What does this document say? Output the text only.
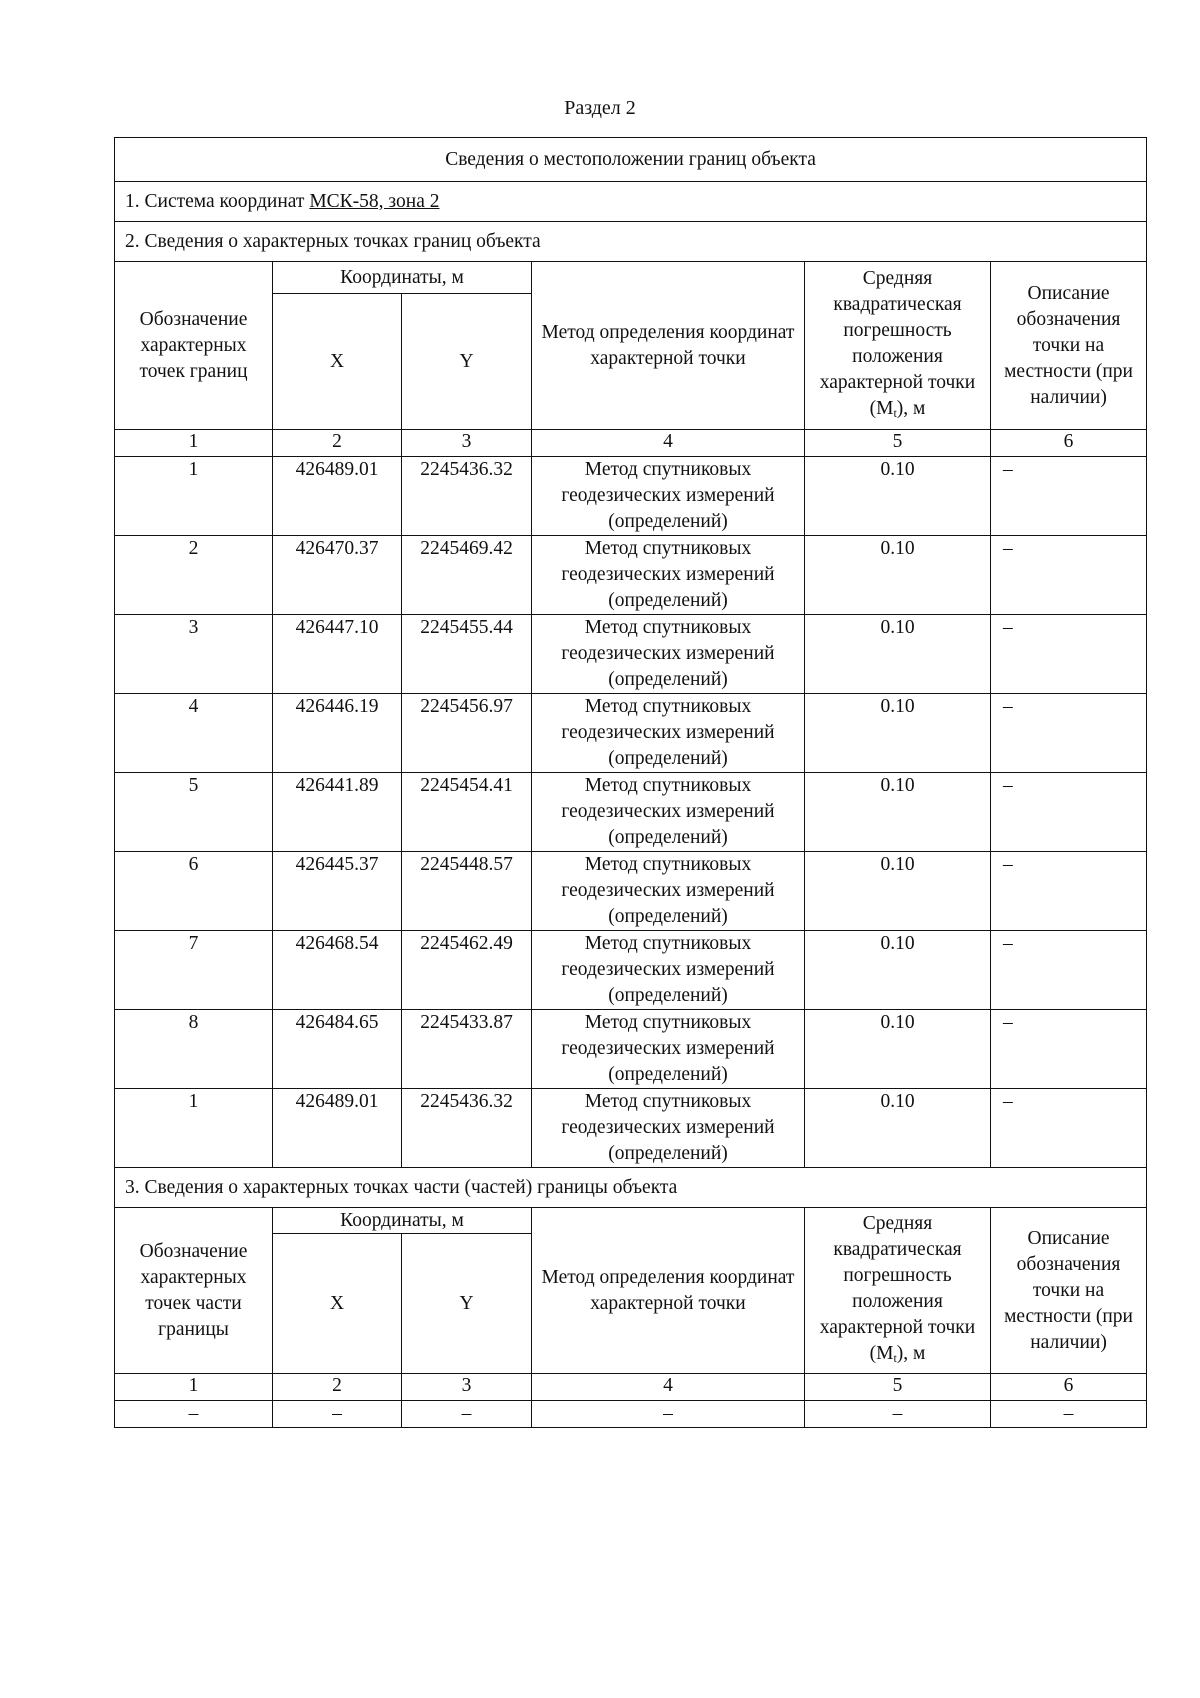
Раздел 2
Сведения о местоположении границ объекта					
1. Система координат МСК-58, зона 2					
2. Сведения о характерных точках границ объекта					
Обозначение характерных точек границ	Координаты, м		Метод определения координат характерной точки	Средняя квадратическая погрешность положения характерной точки $(M_t)$, м	Описание обозначения точки на местности (при наличии)
	X	Y			
1	2	3	4	5	6
1	426489.01	2245436.32	Метод спутниковых геодезических измерений (определений)	0.10	–
2	426470.37	2245469.42	Метод спутниковых геодезических измерений (определений)	0.10	–
3	426447.10	2245455.44	Метод спутниковых геодезических измерений (определений)	0.10	–
4	426446.19	2245456.97	Метод спутниковых геодезических измерений (определений)	0.10	–
5	426441.89	2245454.41	Метод спутниковых геодезических измерений (определений)	0.10	–
6	426445.37	2245448.57	Метод спутниковых геодезических измерений (определений)	0.10	–
7	426468.54	2245462.49	Метод спутниковых геодезических измерений (определений)	0.10	–
8	426484.65	2245433.87	Метод спутниковых геодезических измерений (определений)	0.10	–
1	426489.01	2245436.32	Метод спутниковых геодезических измерений (определений)	0.10	–
3. Сведения о характерных точках части (частей) границы объекта					
Обозначение характерных точек части границы	Координаты, м		Метод определения координат характерной точки	Средняя квадратическая погрешность положения характерной точки $(M_t)$, м	Описание обозначения точки на местности (при наличии)
	X	Y			
1	2	3	4	5	6
–	–	–	–	–	–
